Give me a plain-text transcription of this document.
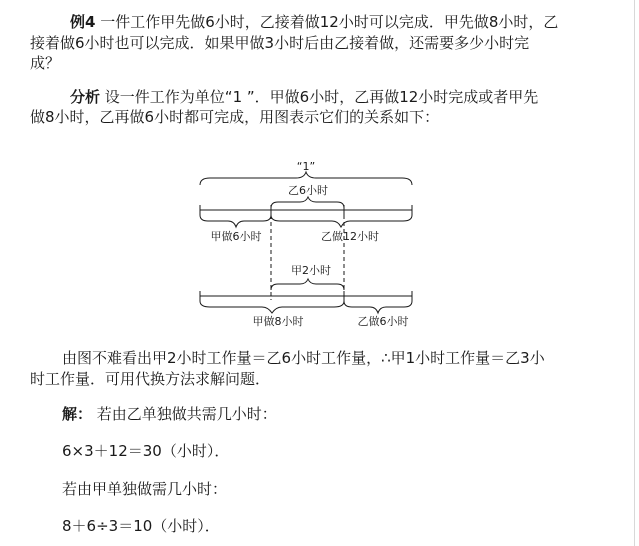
例4 一件工作甲先做6小时，乙接着做12小时可以完成．甲先做8小时，乙
接着做6小时也可以完成．如果甲做3小时后由乙接着做，还需要多少小时完
成？
分析 设一件工作为单位“1 ”．甲做6小时，乙再做12小时完成或者甲先
做8小时，乙再做6小时都可完成，用图表示它们的关系如下：
“1”
乙6小时
甲做6小时	乙做12小时
甲2小时
甲做8小时	乙做6小时
由图不难看出甲2小时工作量＝乙6小时工作量，∴甲1小时工作量＝乙3小
时工作量．可用代换方法求解问题．
解： 若由乙单独做共需几小时：
6×3＋12＝30（小时）．
若由甲单独做需几小时：
8＋6÷3＝10（小时）．
